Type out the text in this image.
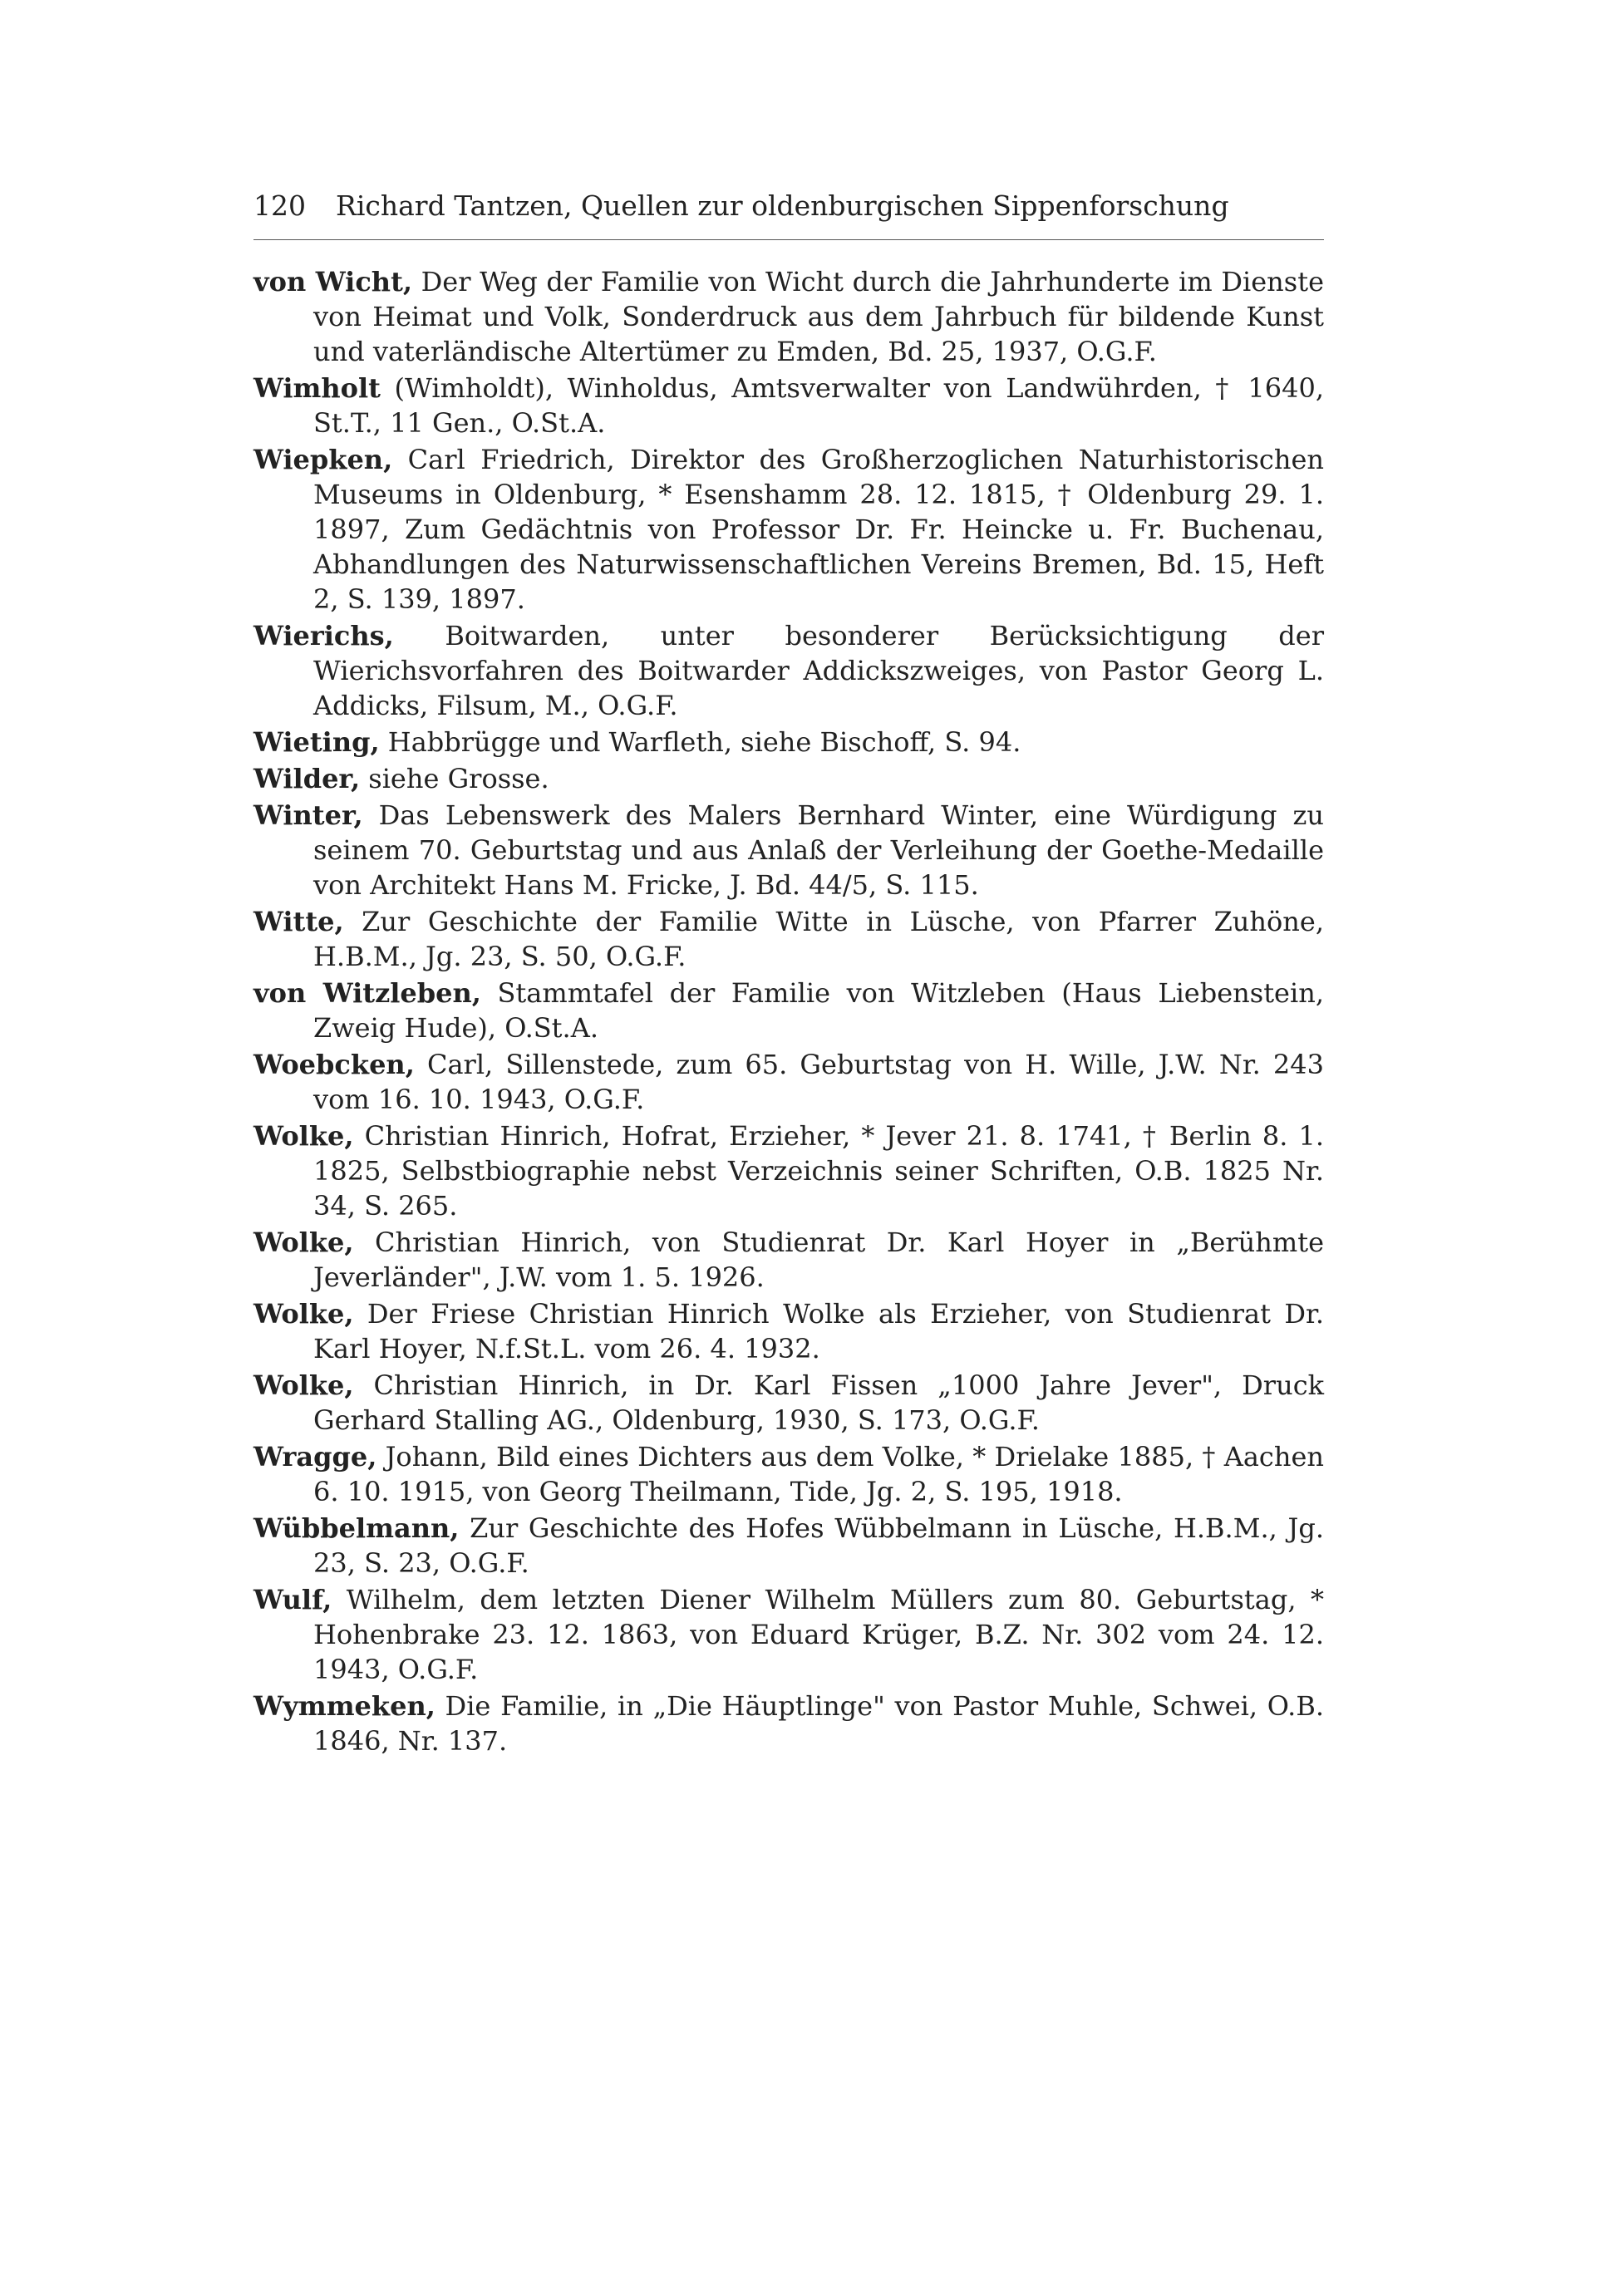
120 Richard Tantzen, Quellen zur oldenburgischen Sippenforschung

von Wicht, Der Weg der Familie von Wicht durch die Jahrhunderte im Dienste von Heimat und Volk, Sonderdruck aus dem Jahrbuch für bildende Kunst und vaterländische Altertümer zu Emden, Bd. 25, 1937, O.G.F.

Wimholt (Wimholdt), Winholdus, Amtsverwalter von Landwührden, † 1640, St.T., 11 Gen., O.St.A.

Wiepken, Carl Friedrich, Direktor des Großherzoglichen Naturhistorischen Museums in Oldenburg, * Esenshamm 28. 12. 1815, † Oldenburg 29. 1. 1897, Zum Gedächtnis von Professor Dr. Fr. Heincke u. Fr. Buchenau, Abhandlungen des Naturwissenschaftlichen Vereins Bremen, Bd. 15, Heft 2, S. 139, 1897.

Wierichs, Boitwarden, unter besonderer Berücksichtigung der Wierichsvorfahren des Boitwarder Addickszweiges, von Pastor Georg L. Addicks, Filsum, M., O.G.F.

Wieting, Habbrügge und Warfleth, siehe Bischoff, S. 94.

Wilder, siehe Grosse.

Winter, Das Lebenswerk des Malers Bernhard Winter, eine Würdigung zu seinem 70. Geburtstag und aus Anlaß der Verleihung der Goethe-Medaille von Architekt Hans M. Fricke, J. Bd. 44/5, S. 115.

Witte, Zur Geschichte der Familie Witte in Lüsche, von Pfarrer Zuhöne, H.B.M., Jg. 23, S. 50, O.G.F.

von Witzleben, Stammtafel der Familie von Witzleben (Haus Liebenstein, Zweig Hude), O.St.A.

Woebcken, Carl, Sillenstede, zum 65. Geburtstag von H. Wille, J.W. Nr. 243 vom 16. 10. 1943, O.G.F.

Wolke, Christian Hinrich, Hofrat, Erzieher, * Jever 21. 8. 1741, † Berlin 8. 1. 1825, Selbstbiographie nebst Verzeichnis seiner Schriften, O.B. 1825 Nr. 34, S. 265.

Wolke, Christian Hinrich, von Studienrat Dr. Karl Hoyer in „Berühmte Jeverländer", J.W. vom 1. 5. 1926.

Wolke, Der Friese Christian Hinrich Wolke als Erzieher, von Studienrat Dr. Karl Hoyer, N.f.St.L. vom 26. 4. 1932.

Wolke, Christian Hinrich, in Dr. Karl Fissen „1000 Jahre Jever", Druck Gerhard Stalling AG., Oldenburg, 1930, S. 173, O.G.F.

Wragge, Johann, Bild eines Dichters aus dem Volke, * Drielake 1885, † Aachen 6. 10. 1915, von Georg Theilmann, Tide, Jg. 2, S. 195, 1918.

Wübbelmann, Zur Geschichte des Hofes Wübbelmann in Lüsche, H.B.M., Jg. 23, S. 23, O.G.F.

Wulf, Wilhelm, dem letzten Diener Wilhelm Müllers zum 80. Geburtstag, * Hohenbrake 23. 12. 1863, von Eduard Krüger, B.Z. Nr. 302 vom 24. 12. 1943, O.G.F.

Wymmeken, Die Familie, in „Die Häuptlinge" von Pastor Muhle, Schwei, O.B. 1846, Nr. 137.
